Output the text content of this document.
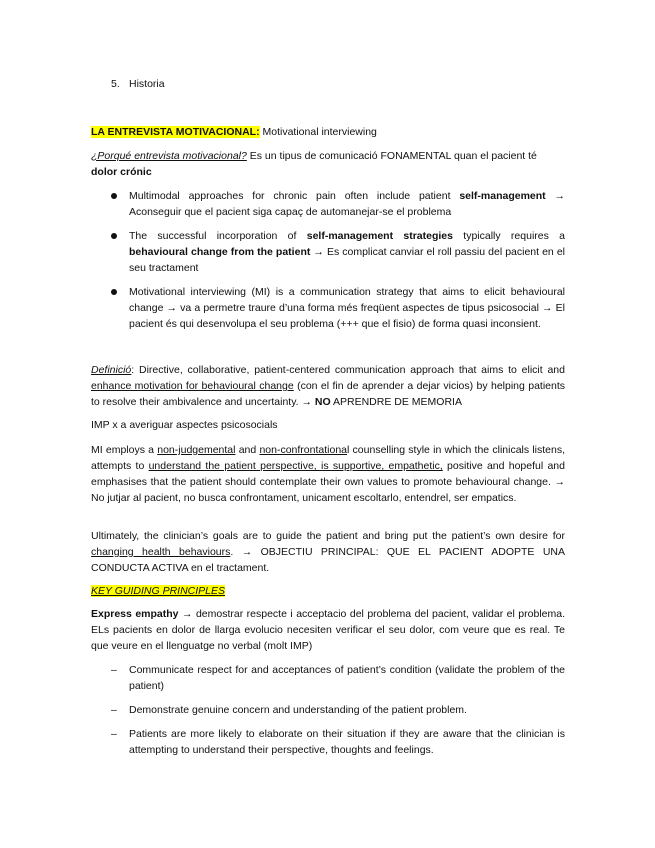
5. Historia
LA ENTREVISTA MOTIVACIONAL: Motivational interviewing
¿Porqué entrevista motivacional? Es un tipus de comunicació FONAMENTAL quan el pacient té dolor crónic
Multimodal approaches for chronic pain often include patient self-management → Aconseguir que el pacient siga capaç de automanejar-se el problema
The successful incorporation of self-management strategies typically requires a behavioural change from the patient → Es complicat canviar el roll passiu del pacient en el seu tractament
Motivational interviewing (MI) is a communication strategy that aims to elicit behavioural change → va a permetre traure d’una forma més freqüent aspectes de tipus psicosocial → El pacient és qui desenvolupa el seu problema (+++ que el fisio) de forma quasi inconsient.
Definició: Directive, collaborative, patient-centered communication approach that aims to elicit and enhance motivation for behavioural change (con el fin de aprender a dejar vicios) by helping patients to resolve their ambivalence and uncertainty. → NO APRENDRE DE MEMORIA
IMP x a averiguar aspectes psicosocials
MI employs a non-judgemental and non-confrontational counselling style in which the clinicals listens, attempts to understand the patient perspective, is supportive, empathetic, positive and hopeful and emphasises that the patient should contemplate their own values to promote behavioural change. → No jutjar al pacient, no busca confrontament, unicament escoltarlo, entendrel, ser empatics.
Ultimately, the clinician’s goals are to guide the patient and bring put the patient’s own desire for changing health behaviours. → OBJECTIU PRINCIPAL: QUE EL PACIENT ADOPTE UNA CONDUCTA ACTIVA en el tractament.
KEY GUIDING PRINCIPLES
Express empathy → demostrar respecte i acceptacio del problema del pacient, validar el problema. ELs pacients en dolor de llarga evolucio necesiten verificar el seu dolor, com veure que es real. Te que veure en el llenguatge no verbal (molt IMP)
– Communicate respect for and acceptances of patient’s condition (validate the problem of the patient)
– Demonstrate genuine concern and understanding of the patient problem.
– Patients are more likely to elaborate on their situation if they are aware that the clinician is attempting to understand their perspective, thoughts and feelings.
